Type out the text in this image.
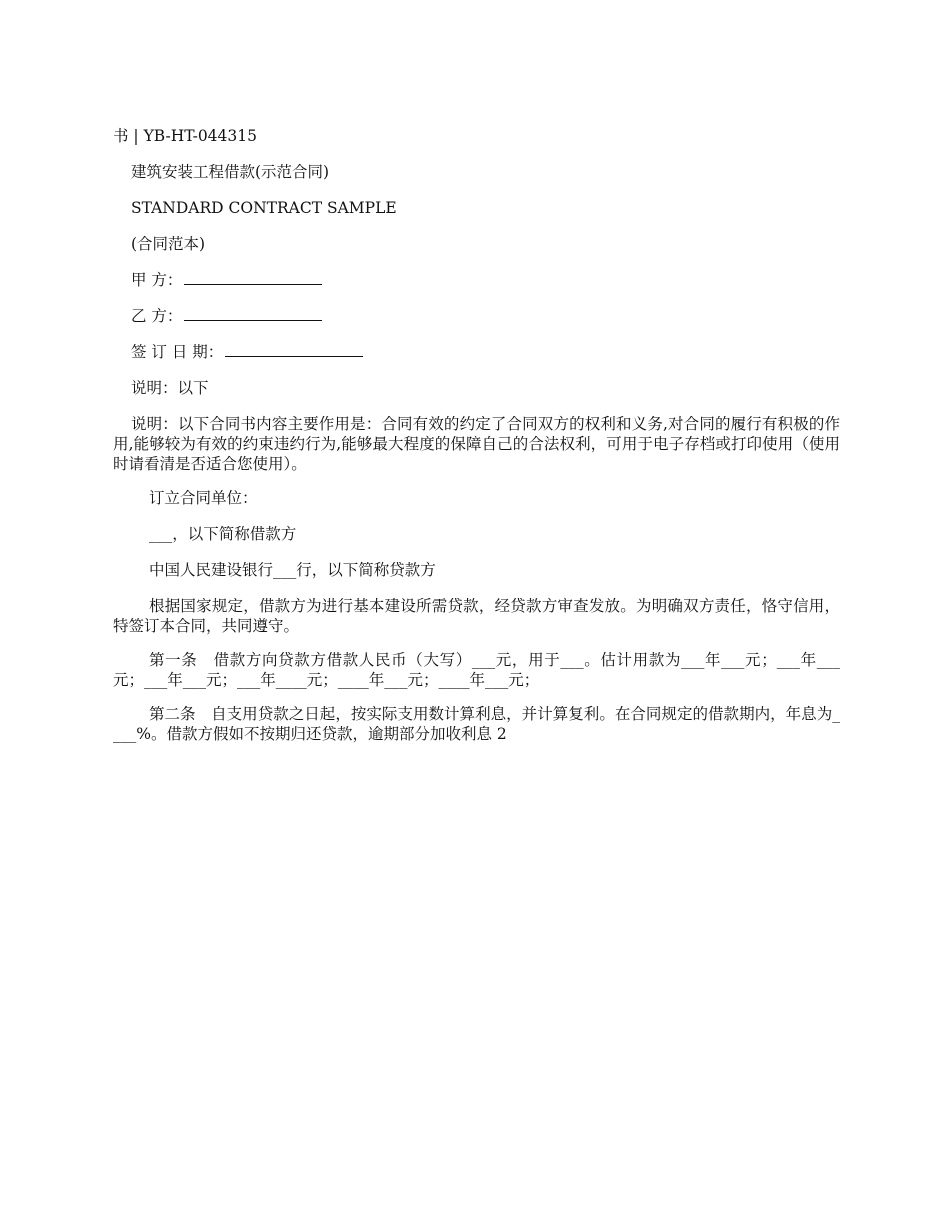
书 | YB-HT-044315
建筑安装工程借款(示范合同)
STANDARD CONTRACT SAMPLE
(合同范本)
甲 方：
乙 方：
签 订 日 期：
说明：以下
说明：以下合同书内容主要作用是：合同有效的约定了合同双方的权利和义务,对合同的履行有积极的作用,能够较为有效的约束违约行为,能够最大程度的保障自己的合法权利，可用于电子存档或打印使用（使用时请看清是否适合您使用）。
订立合同单位：
___，以下简称借款方
中国人民建设银行___行，以下简称贷款方
根据国家规定，借款方为进行基本建设所需贷款，经贷款方审查发放。为明确双方责任，恪守信用，特签订本合同，共同遵守。
第一条　借款方向贷款方借款人民币（大写）___元，用于___。估计用款为___年___元；___年___元；___年___元；___年____元；____年___元；____年___元；
第二条　自支用贷款之日起，按实际支用数计算利息，并计算复利。在合同规定的借款期内，年息为____%。借款方假如不按期归还贷款，逾期部分加收利息 2
